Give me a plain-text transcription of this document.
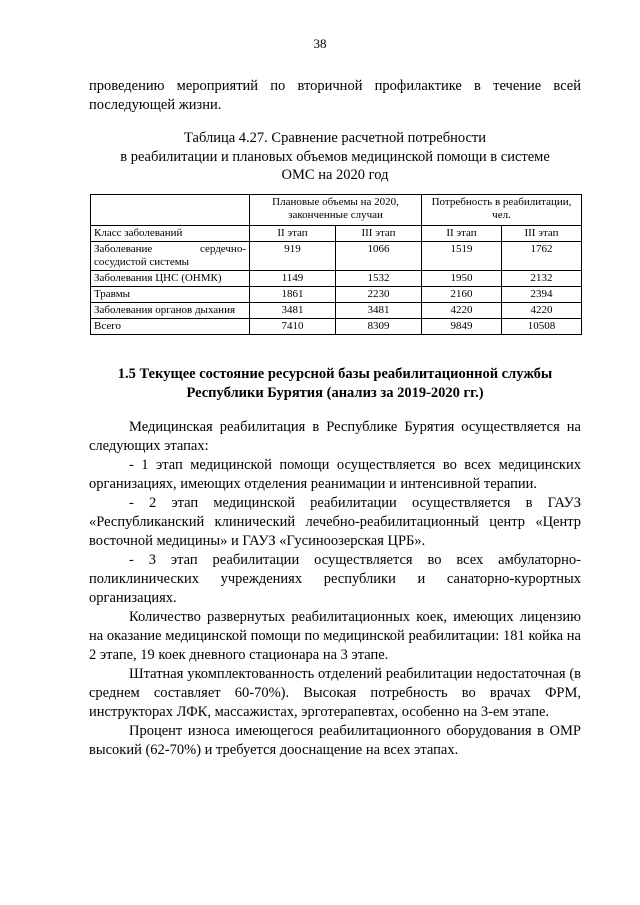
38
проведению мероприятий по вторичной профилактике в течение всей последующей жизни.
Таблица 4.27. Сравнение расчетной потребности
в реабилитации и плановых объемов медицинской помощи в системе
ОМС на 2020 год
	Плановые объемы на 2020, законченные случаи		Потребность в реабилитации, чел.	
Класс заболеваний	II этап	III этап	II этап	III этап
Заболевание сердечно-сосудистой системы	919	1066	1519	1762
Заболевания ЦНС (ОНМК)	1149	1532	1950	2132
Травмы	1861	2230	2160	2394
Заболевания органов дыхания	3481	3481	4220	4220
Всего	7410	8309	9849	10508
1.5 Текущее состояние ресурсной базы реабилитационной службы
Республики Бурятия (анализ за 2019-2020 гг.)

Медицинская реабилитация в Республике Бурятия осуществляется на следующих этапах:

- 1 этап медицинской помощи осуществляется во всех медицинских организациях, имеющих отделения реанимации и интенсивной терапии.

- 2 этап медицинской реабилитации осуществляется в ГАУЗ «Республиканский клинический лечебно-реабилитационный центр «Центр восточной медицины» и ГАУЗ «Гусиноозерская ЦРБ».

- 3 этап реабилитации осуществляется во всех амбулаторно-поликлинических учреждениях республики и санаторно-курортных организациях.

Количество развернутых реабилитационных коек, имеющих лицензию на оказание медицинской помощи по медицинской реабилитации: 181 койка на 2 этапе, 19 коек дневного стационара на 3 этапе.

Штатная укомплектованность отделений реабилитации недостаточная (в среднем составляет 60-70%). Высокая потребность во врачах ФРМ, инструкторах ЛФК, массажистах, эрготерапевтах, особенно на 3-ем этапе.

Процент износа имеющегося реабилитационного оборудования в ОМР высокий (62-70%) и требуется дооснащение на всех этапах.
